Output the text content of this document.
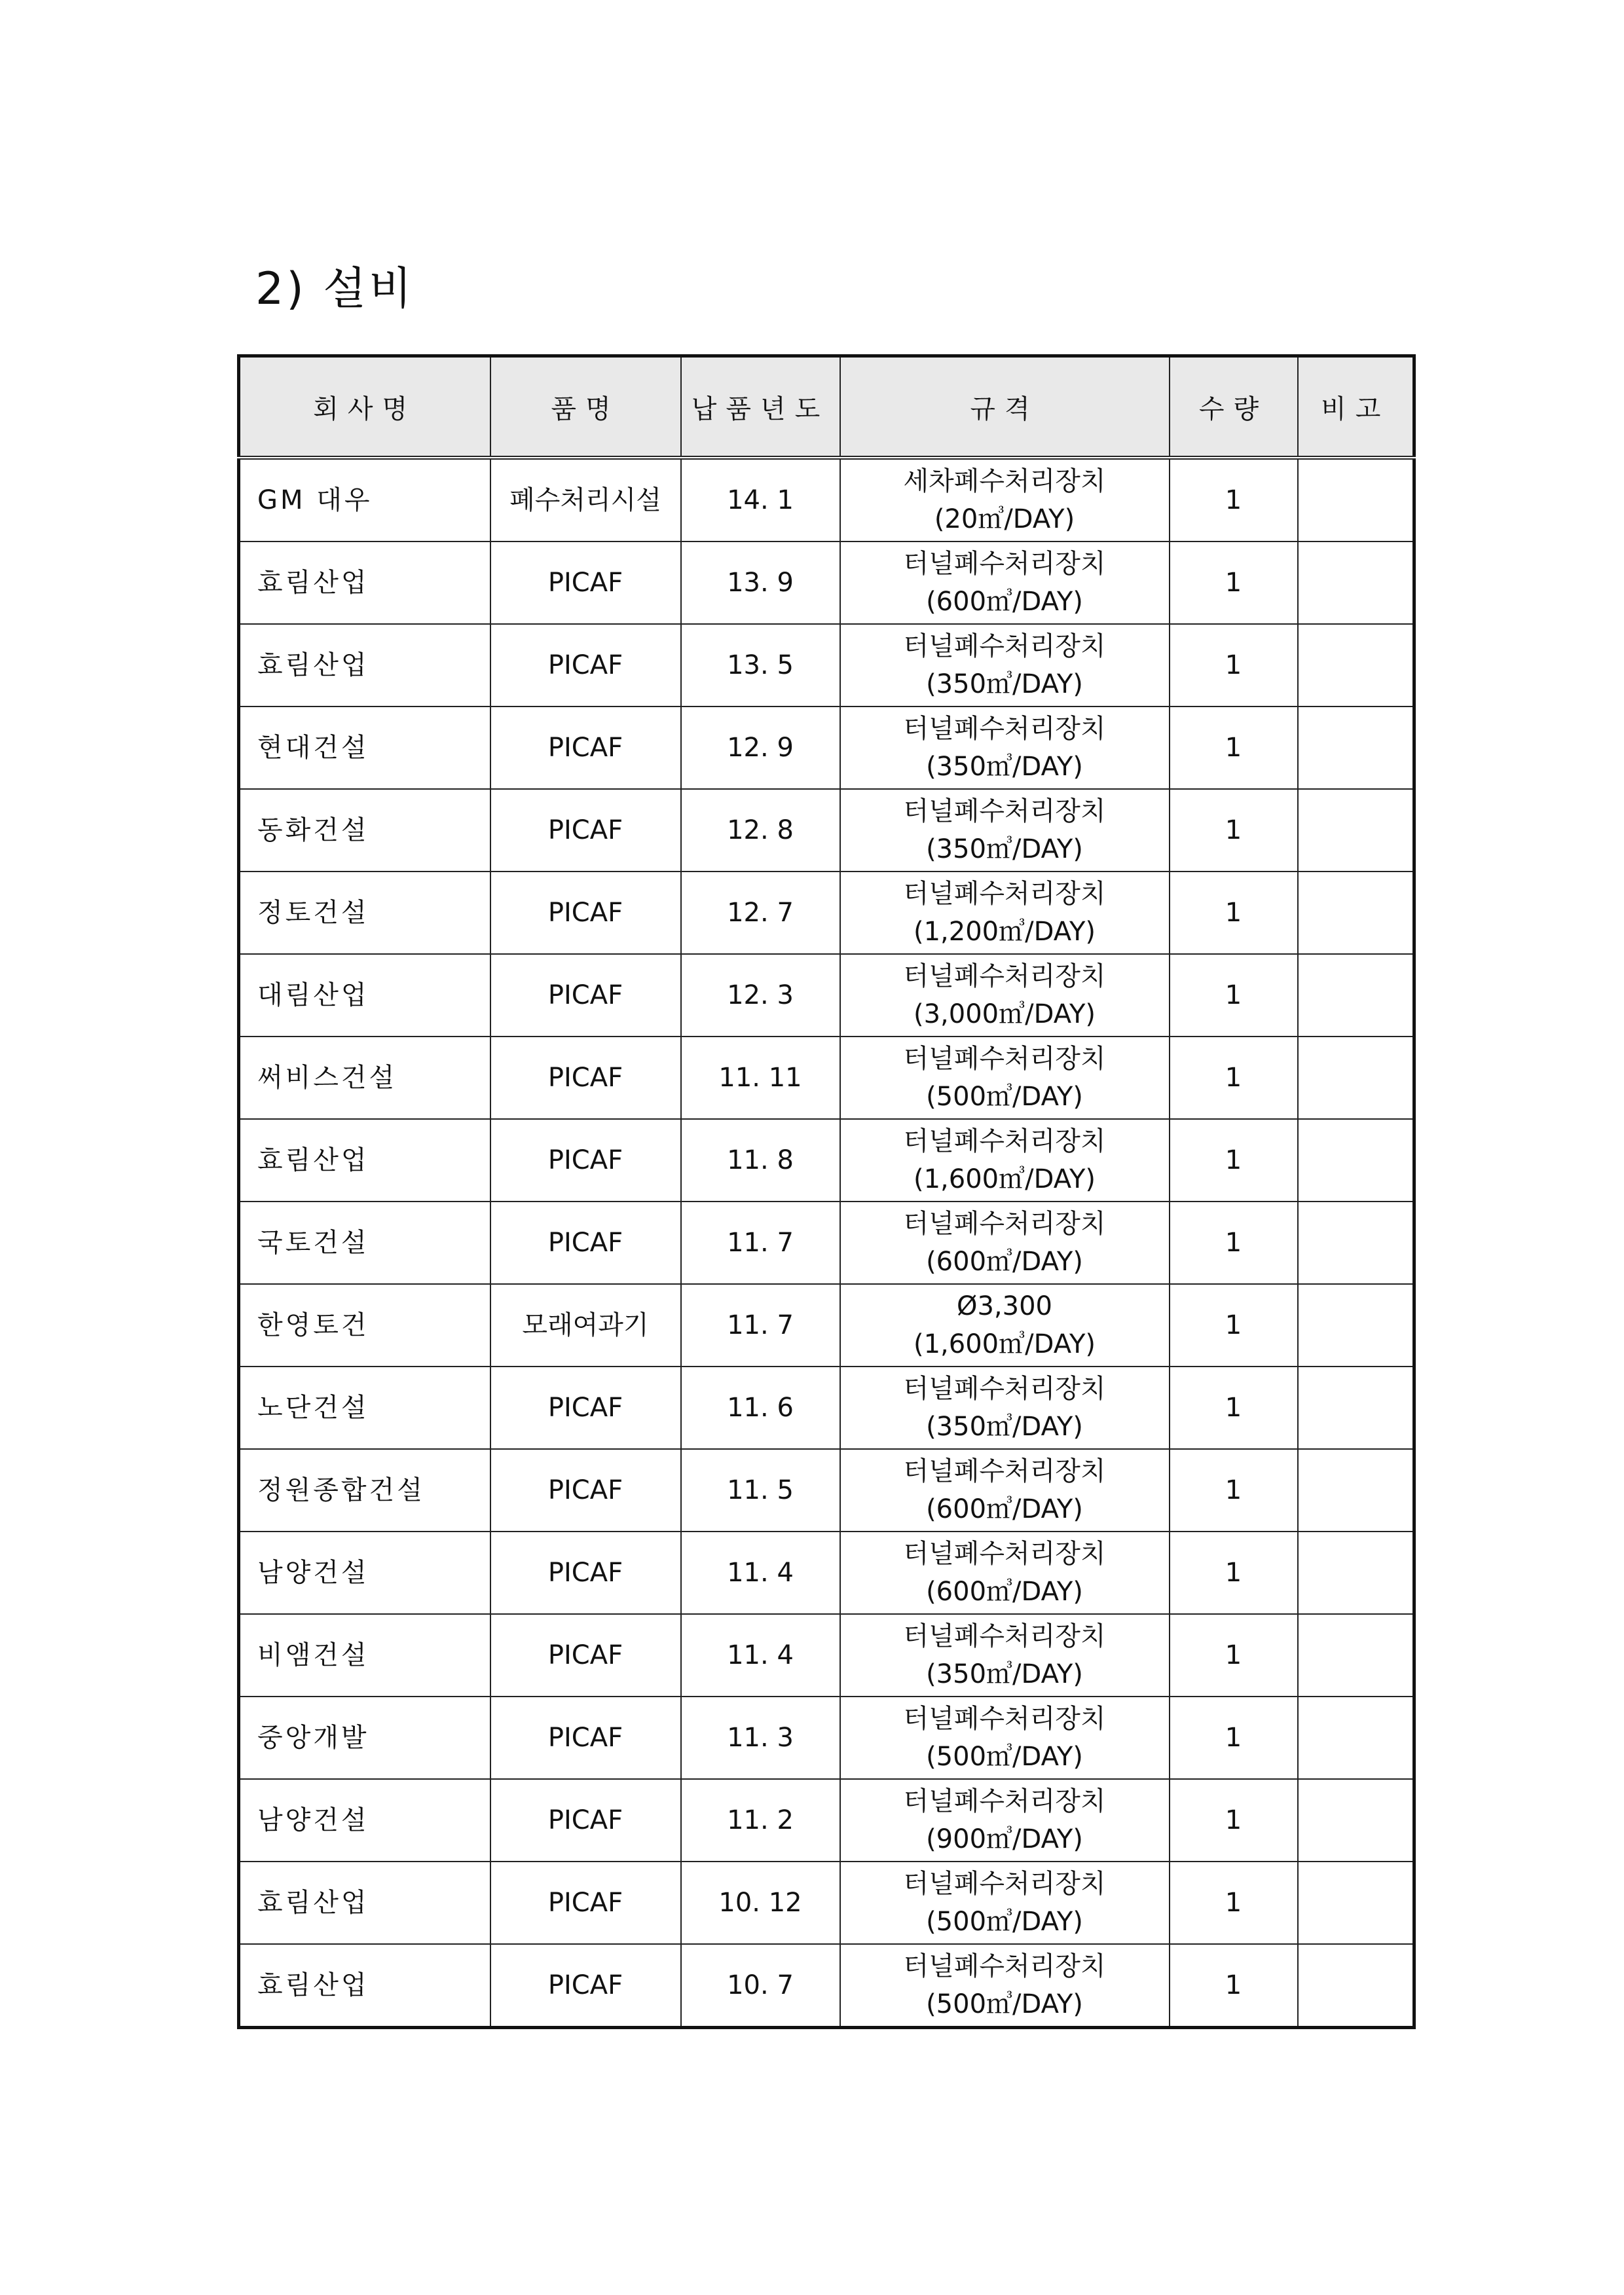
2) 설비
회사명	품명	납품년도	규격	수량	비고
GM 대우	폐수처리시설	14. 1	세차폐수처리장치
(20㎥/DAY)	1	
효림산업	PICAF	13. 9	터널폐수처리장치
(600㎥/DAY)	1	
효림산업	PICAF	13. 5	터널폐수처리장치
(350㎥/DAY)	1	
현대건설	PICAF	12. 9	터널폐수처리장치
(350㎥/DAY)	1	
동화건설	PICAF	12. 8	터널폐수처리장치
(350㎥/DAY)	1	
정토건설	PICAF	12. 7	터널폐수처리장치
(1,200㎥/DAY)	1	
대림산업	PICAF	12. 3	터널폐수처리장치
(3,000㎥/DAY)	1	
써비스건설	PICAF	11. 11	터널폐수처리장치
(500㎥/DAY)	1	
효림산업	PICAF	11. 8	터널폐수처리장치
(1,600㎥/DAY)	1	
국토건설	PICAF	11. 7	터널폐수처리장치
(600㎥/DAY)	1	
한영토건	모래여과기	11. 7	Ø3,300
(1,600㎥/DAY)	1	
노단건설	PICAF	11. 6	터널폐수처리장치
(350㎥/DAY)	1	
정원종합건설	PICAF	11. 5	터널폐수처리장치
(600㎥/DAY)	1	
남양건설	PICAF	11. 4	터널폐수처리장치
(600㎥/DAY)	1	
비앰건설	PICAF	11. 4	터널폐수처리장치
(350㎥/DAY)	1	
중앙개발	PICAF	11. 3	터널폐수처리장치
(500㎥/DAY)	1	
남양건설	PICAF	11. 2	터널폐수처리장치
(900㎥/DAY)	1	
효림산업	PICAF	10. 12	터널폐수처리장치
(500㎥/DAY)	1	
효림산업	PICAF	10. 7	터널폐수처리장치
(500㎥/DAY)	1	
